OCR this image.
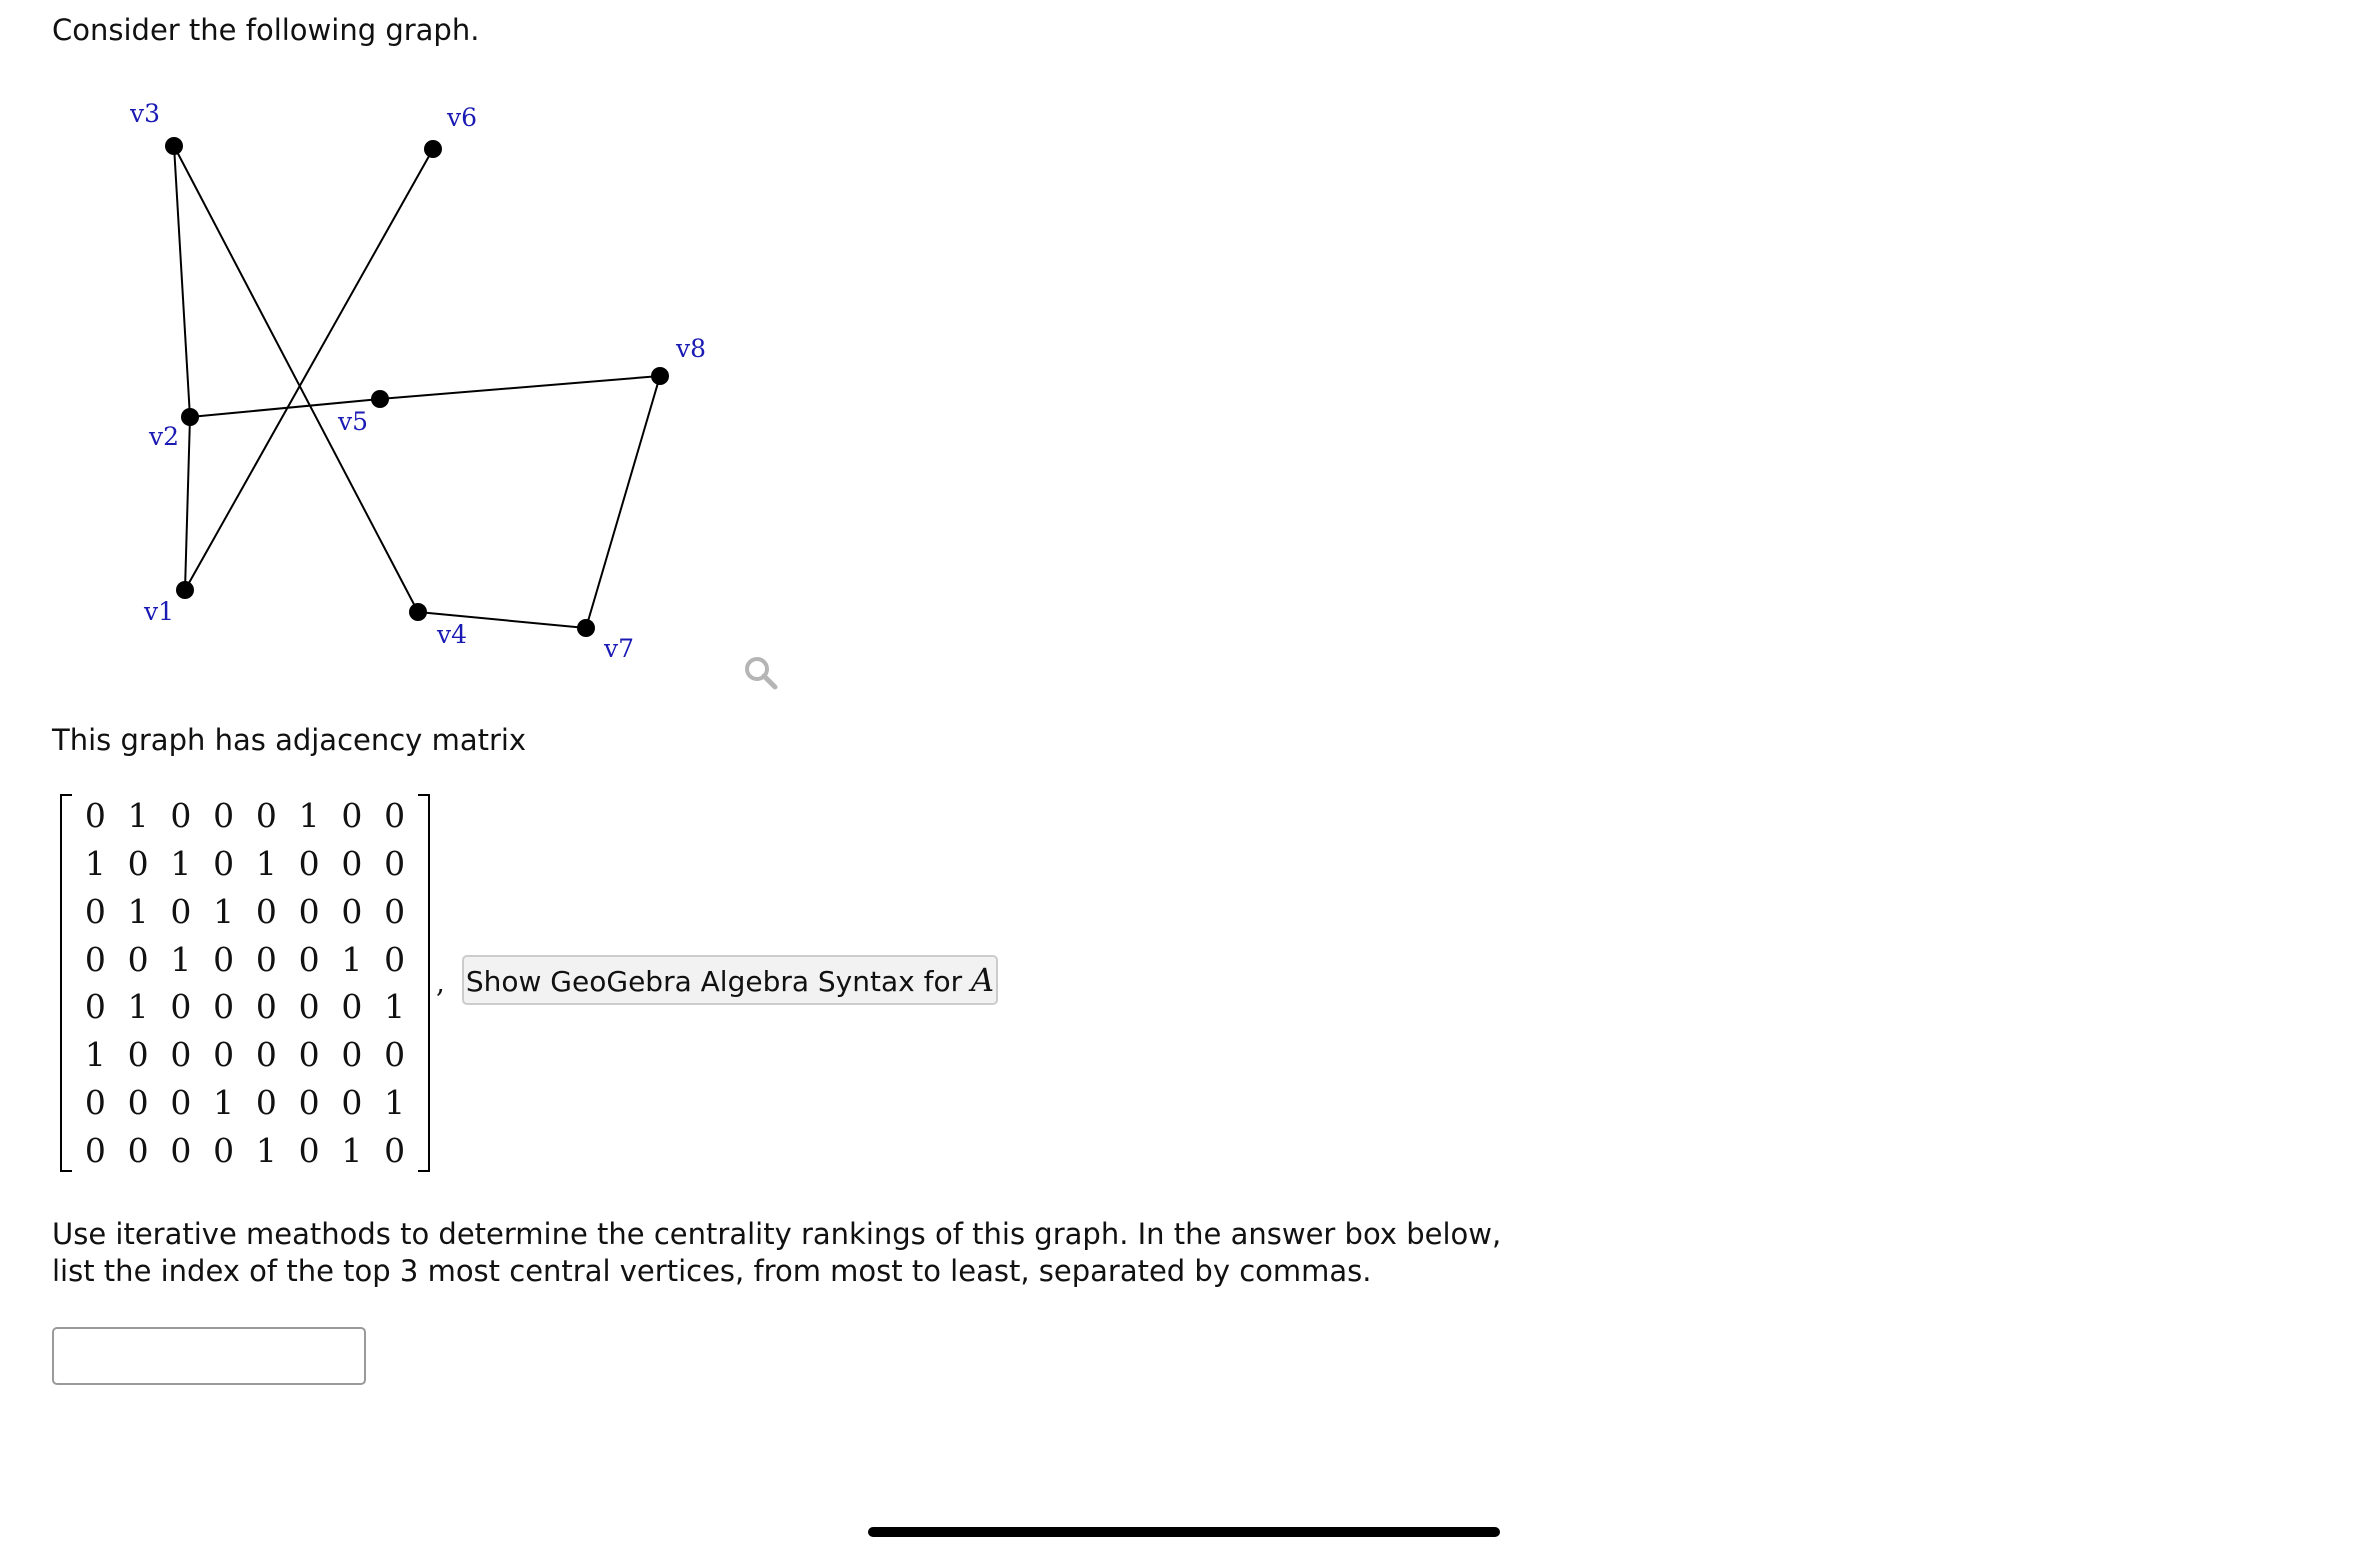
Consider the following graph.

v1
v2
v3
v4
v5
v6
v7
v8

This graph has adjacency matrix

0 1 0 0 0 1 0 0
1 0 1 0 1 0 0 0
0 1 0 1 0 0 0 0
0 0 1 0 0 0 1 0
0 1 0 0 0 0 0 1
1 0 0 0 0 0 0 0
0 0 0 1 0 0 0 1
0 0 0 0 1 0 1 0
, Show GeoGebra Algebra Syntax for A

Use iterative meathods to determine the centrality rankings of this graph. In the answer box below, list the index of the top 3 most central vertices, from most to least, separated by commas.
